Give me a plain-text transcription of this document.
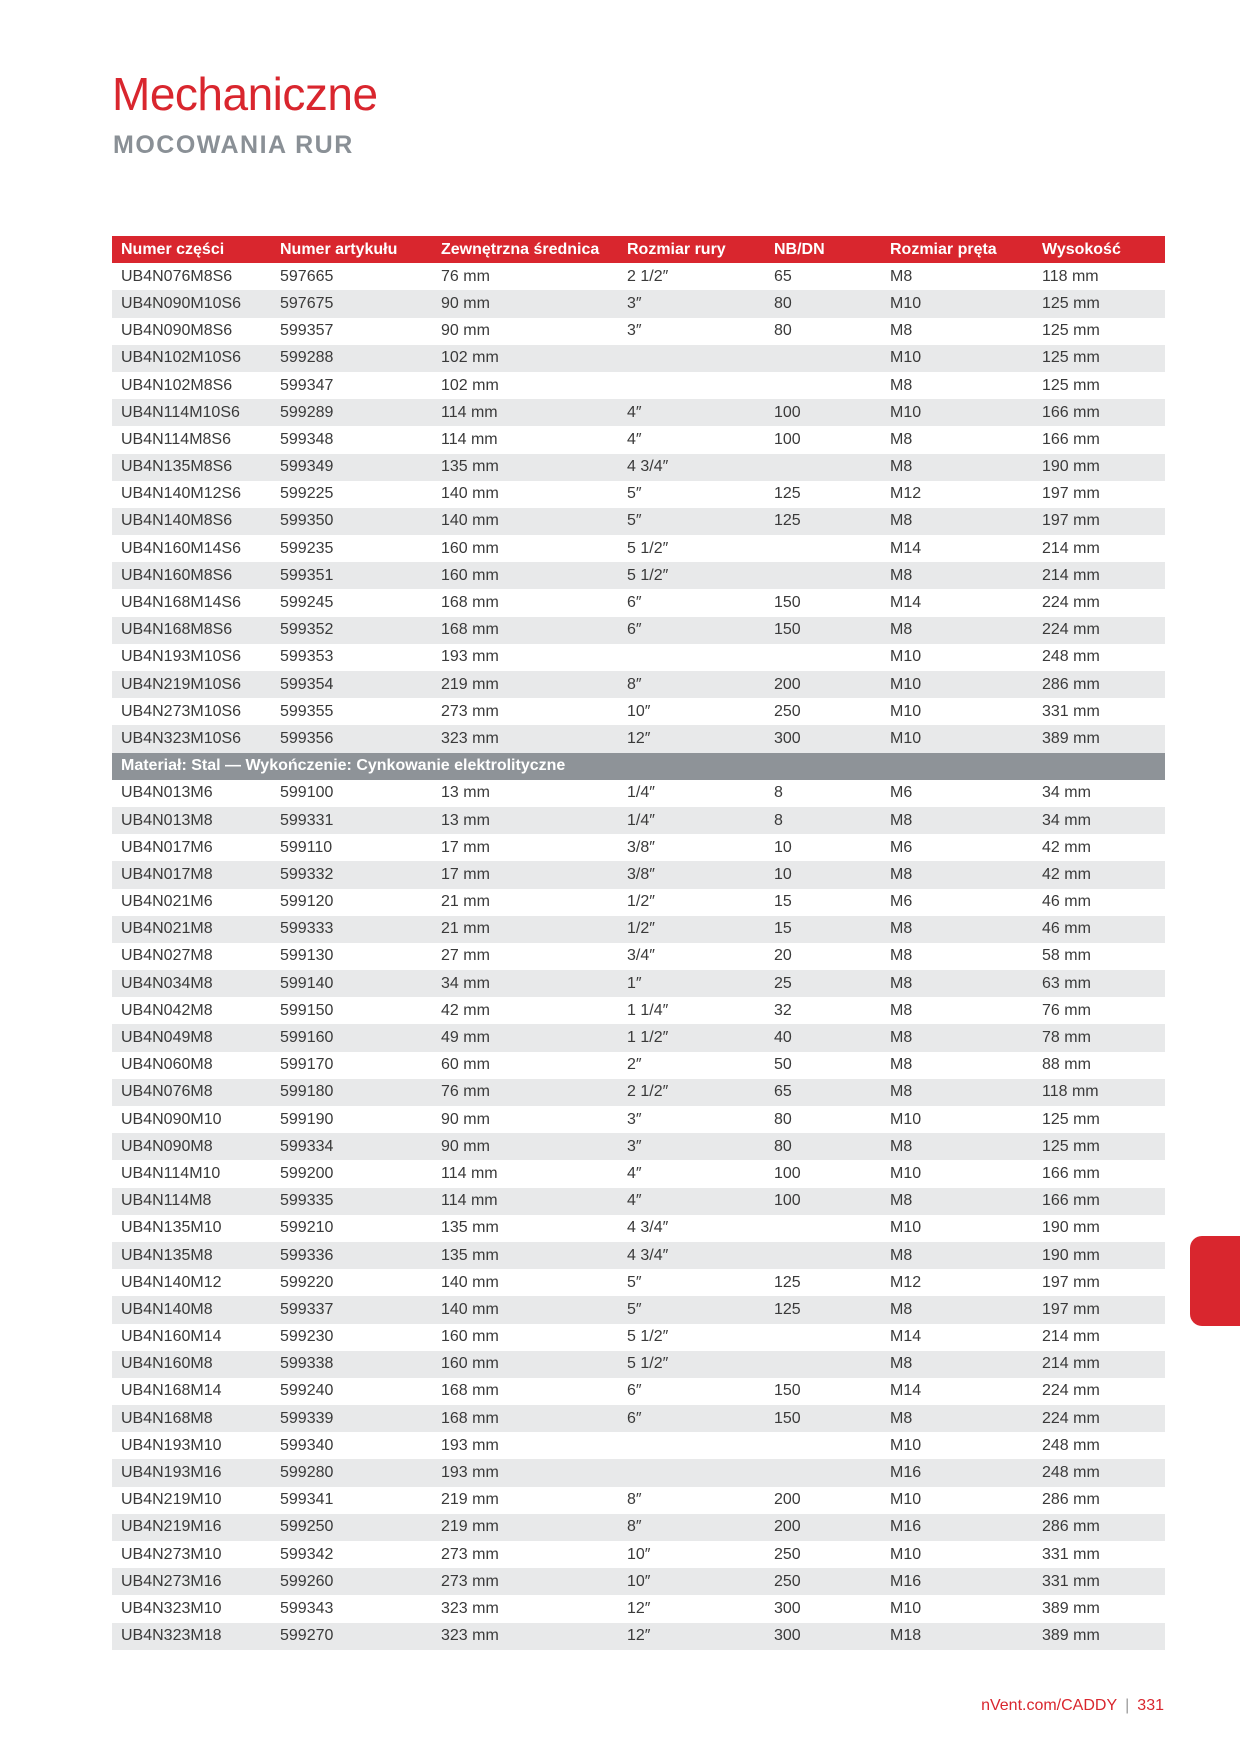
Mechaniczne
MOCOWANIA RUR
Numer części	Numer artykułu	Zewnętrzna średnica	Rozmiar rury	NB/DN	Rozmiar pręta	Wysokość
UB4N076M8S6	597665	76 mm	2 1/2″	65	M8	118 mm
UB4N090M10S6	597675	90 mm	3″	80	M10	125 mm
UB4N090M8S6	599357	90 mm	3″	80	M8	125 mm
UB4N102M10S6	599288	102 mm			M10	125 mm
UB4N102M8S6	599347	102 mm			M8	125 mm
UB4N114M10S6	599289	114 mm	4″	100	M10	166 mm
UB4N114M8S6	599348	114 mm	4″	100	M8	166 mm
UB4N135M8S6	599349	135 mm	4 3/4″		M8	190 mm
UB4N140M12S6	599225	140 mm	5″	125	M12	197 mm
UB4N140M8S6	599350	140 mm	5″	125	M8	197 mm
UB4N160M14S6	599235	160 mm	5 1/2″		M14	214 mm
UB4N160M8S6	599351	160 mm	5 1/2″		M8	214 mm
UB4N168M14S6	599245	168 mm	6″	150	M14	224 mm
UB4N168M8S6	599352	168 mm	6″	150	M8	224 mm
UB4N193M10S6	599353	193 mm			M10	248 mm
UB4N219M10S6	599354	219 mm	8″	200	M10	286 mm
UB4N273M10S6	599355	273 mm	10″	250	M10	331 mm
UB4N323M10S6	599356	323 mm	12″	300	M10	389 mm
Materiał: Stal — Wykończenie: Cynkowanie elektrolityczne						
UB4N013M6	599100	13 mm	1/4″	8	M6	34 mm
UB4N013M8	599331	13 mm	1/4″	8	M8	34 mm
UB4N017M6	599110	17 mm	3/8″	10	M6	42 mm
UB4N017M8	599332	17 mm	3/8″	10	M8	42 mm
UB4N021M6	599120	21 mm	1/2″	15	M6	46 mm
UB4N021M8	599333	21 mm	1/2″	15	M8	46 mm
UB4N027M8	599130	27 mm	3/4″	20	M8	58 mm
UB4N034M8	599140	34 mm	1″	25	M8	63 mm
UB4N042M8	599150	42 mm	1 1/4″	32	M8	76 mm
UB4N049M8	599160	49 mm	1 1/2″	40	M8	78 mm
UB4N060M8	599170	60 mm	2″	50	M8	88 mm
UB4N076M8	599180	76 mm	2 1/2″	65	M8	118 mm
UB4N090M10	599190	90 mm	3″	80	M10	125 mm
UB4N090M8	599334	90 mm	3″	80	M8	125 mm
UB4N114M10	599200	114 mm	4″	100	M10	166 mm
UB4N114M8	599335	114 mm	4″	100	M8	166 mm
UB4N135M10	599210	135 mm	4 3/4″		M10	190 mm
UB4N135M8	599336	135 mm	4 3/4″		M8	190 mm
UB4N140M12	599220	140 mm	5″	125	M12	197 mm
UB4N140M8	599337	140 mm	5″	125	M8	197 mm
UB4N160M14	599230	160 mm	5 1/2″		M14	214 mm
UB4N160M8	599338	160 mm	5 1/2″		M8	214 mm
UB4N168M14	599240	168 mm	6″	150	M14	224 mm
UB4N168M8	599339	168 mm	6″	150	M8	224 mm
UB4N193M10	599340	193 mm			M10	248 mm
UB4N193M16	599280	193 mm			M16	248 mm
UB4N219M10	599341	219 mm	8″	200	M10	286 mm
UB4N219M16	599250	219 mm	8″	200	M16	286 mm
UB4N273M10	599342	273 mm	10″	250	M10	331 mm
UB4N273M16	599260	273 mm	10″	250	M16	331 mm
UB4N323M10	599343	323 mm	12″	300	M10	389 mm
UB4N323M18	599270	323 mm	12″	300	M18	389 mm
nVent.com/CADDY | 331
